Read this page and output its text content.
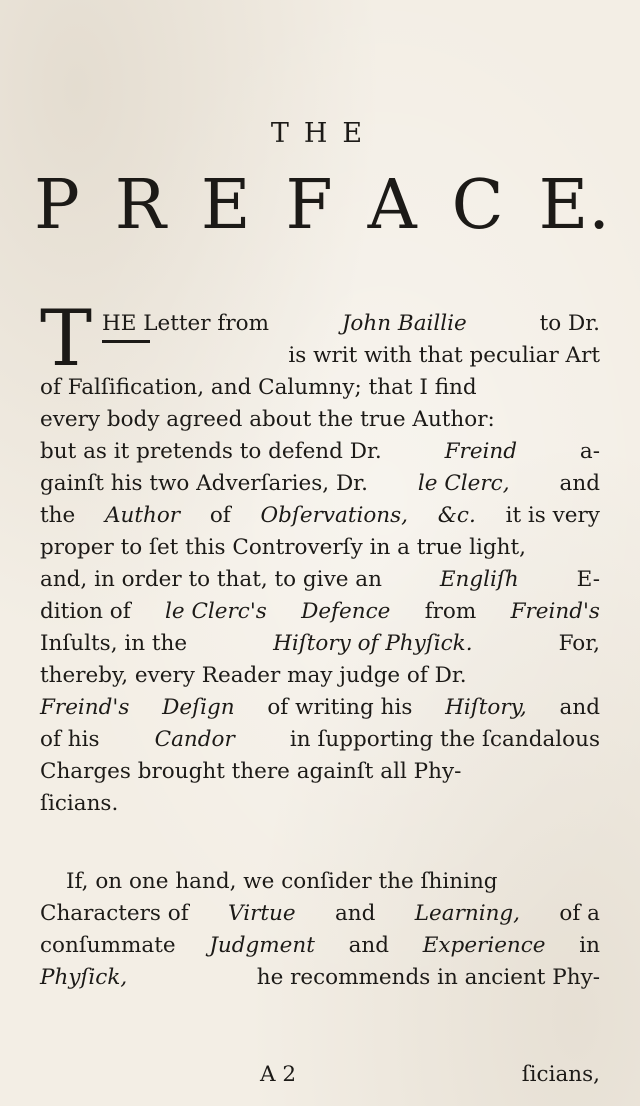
THE
P R E F A C E.
T HE Letter from	John Baillie	to Dr.
is writ with that peculiar Art
of Falſification, and Calumny; that I find
every body agreed about the true Author:
but as it pretends to defend Dr.	Freind	a-
gainſt his two Adverſaries, Dr. le Clerc, and
the Author of Obſervations, &c. it is very
proper to ſet this Controverſy in a true light,
and, in order to that, to give an	Engliſh	E-
dition of le Clerc's Defence from Freind's
Inſults, in the	Hiſtory of Phyſick.	For,
thereby, every Reader may judge of Dr.
Freind's Deſign of writing his Hiſtory, and
of his	Candor	in ſupporting the ſcandalous
Charges brought there againſt all Phy-
ſicians.
If, on one hand, we conſider the ſhining
Characters of Virtue and Learning, of a
conſummate Judgment and Experience in
Phyſick,	he recommends in ancient Phy-
A 2	ſicians,
